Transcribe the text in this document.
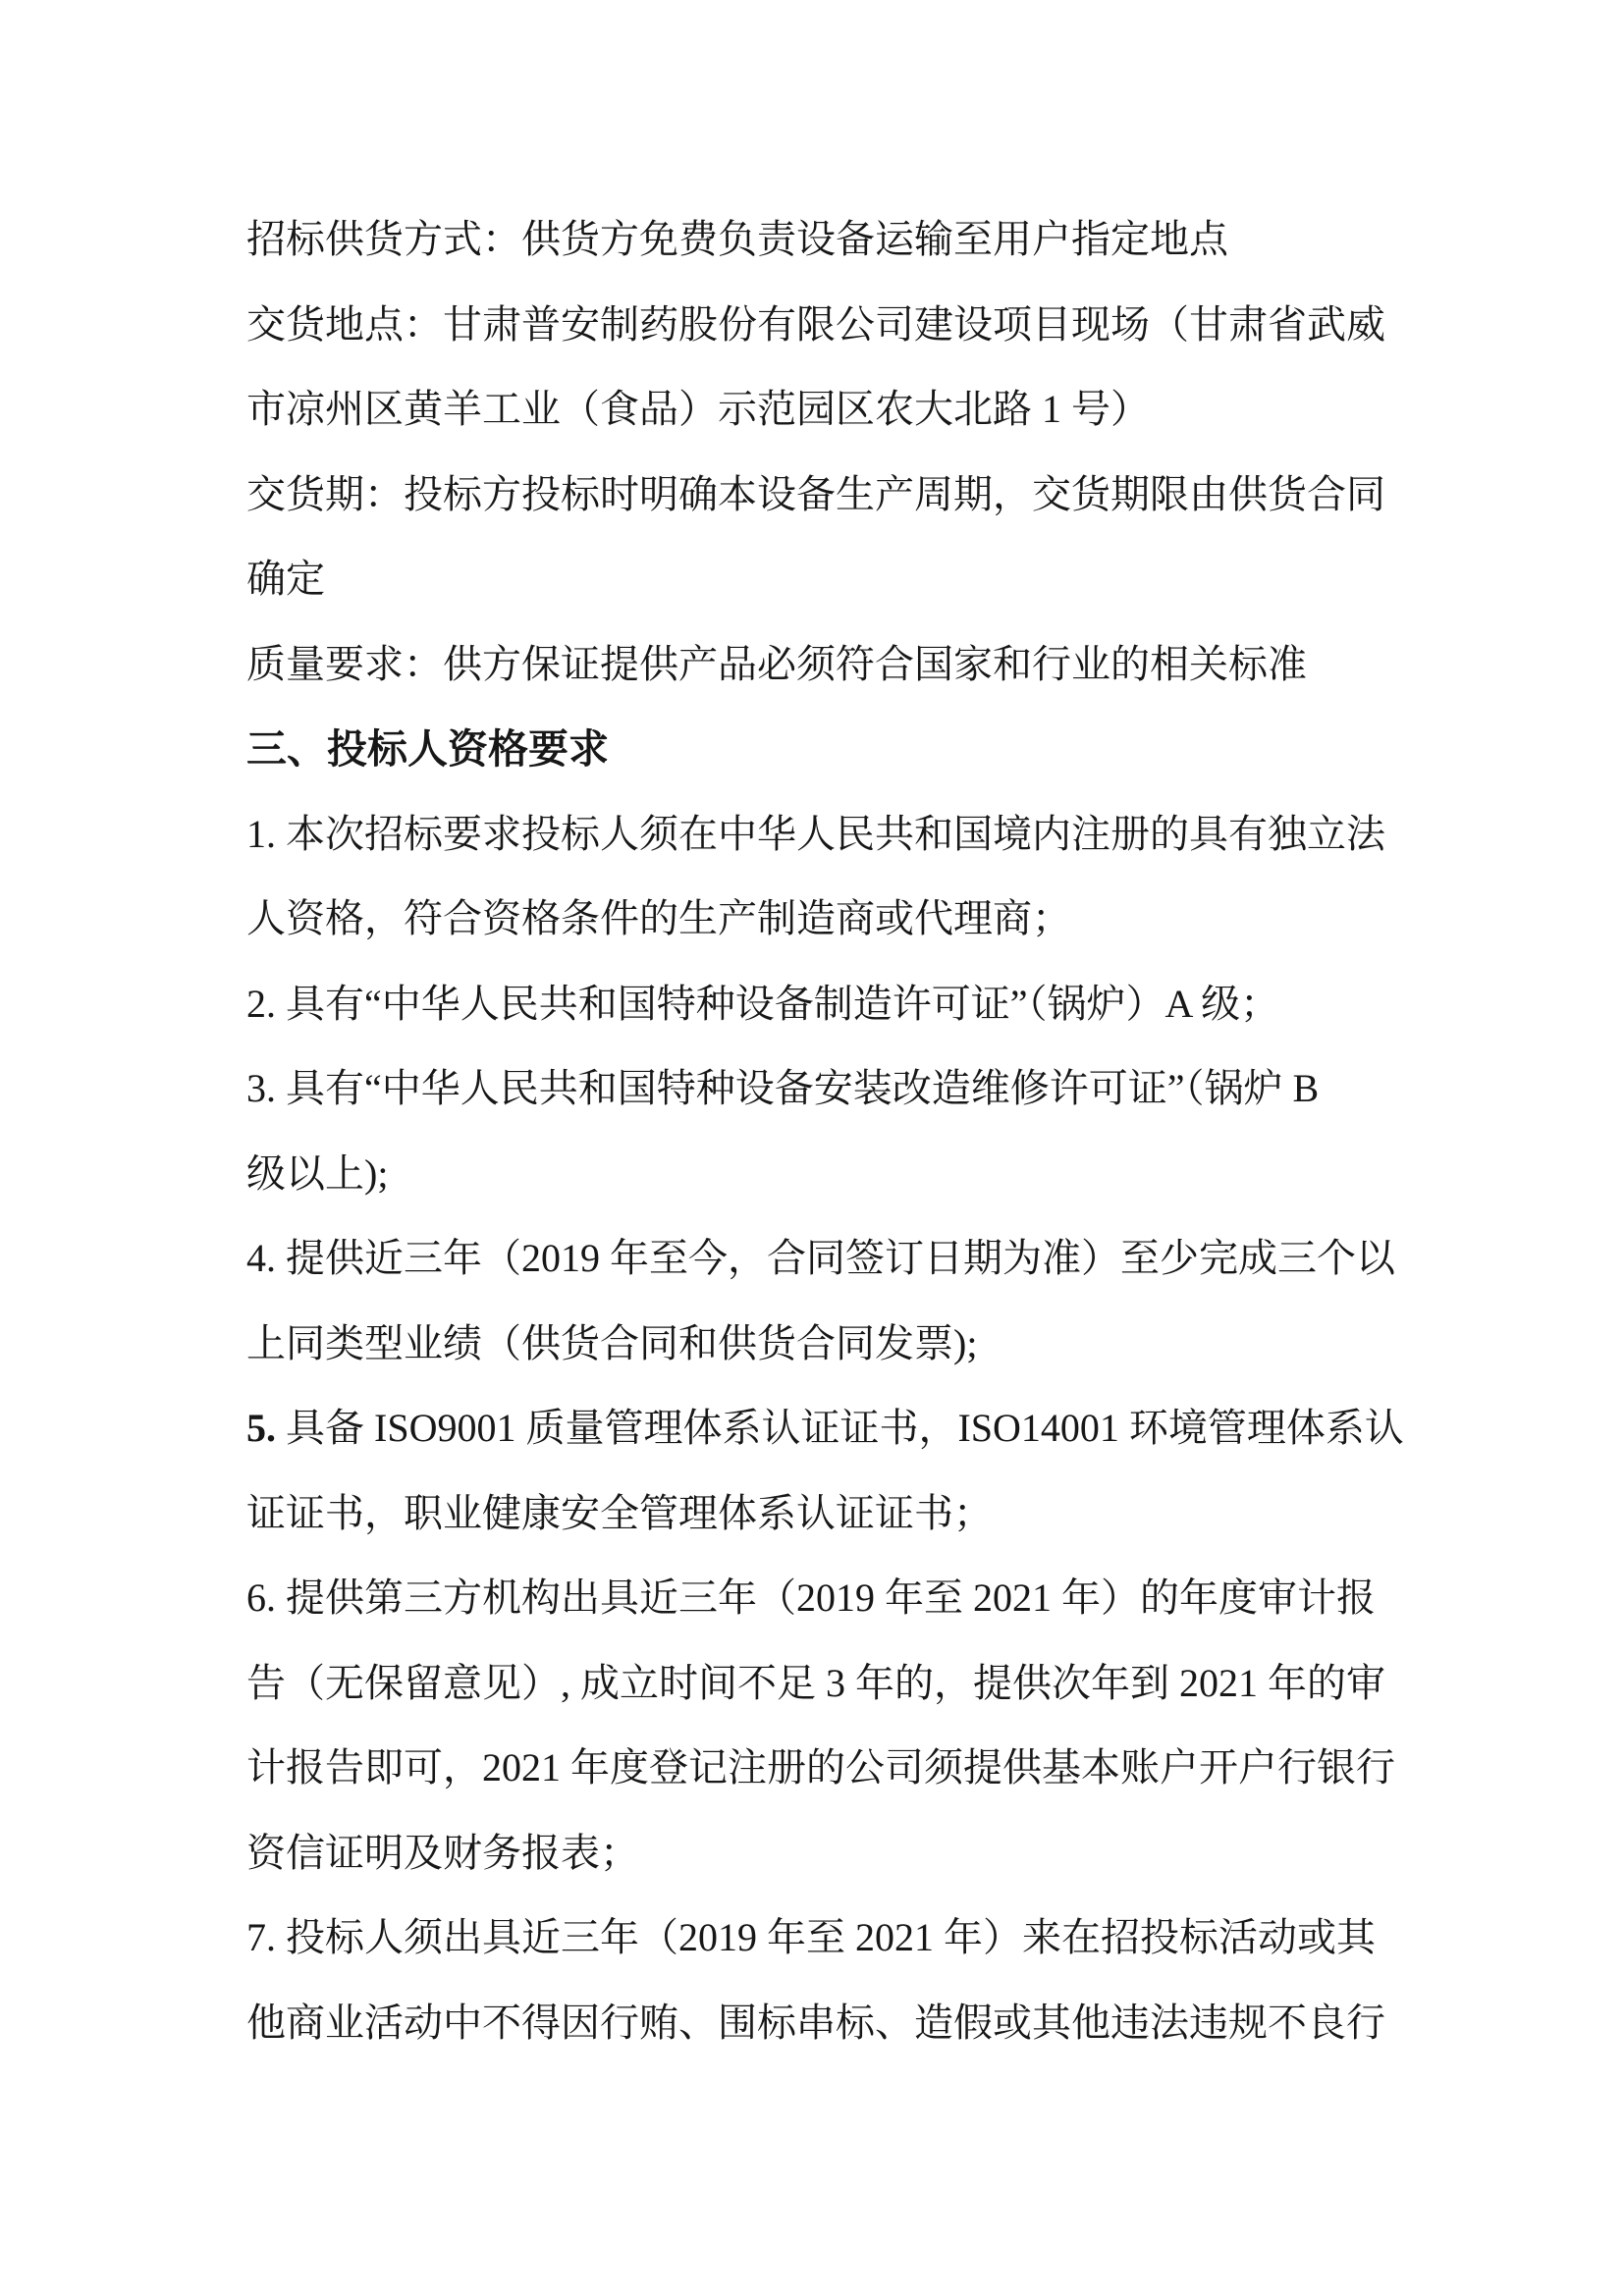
招标供货方式：供货方免费负责设备运输至用户指定地点
交货地点：甘肃普安制药股份有限公司建设项目现场（甘肃省武威
市凉州区黄羊工业（食品）示范园区农大北路 1 号）
交货期：投标方投标时明确本设备生产周期，交货期限由供货合同
确定
质量要求：供方保证提供产品必须符合国家和行业的相关标准
三、投标人资格要求
1. 本次招标要求投标人须在中华人民共和国境内注册的具有独立法
人资格，符合资格条件的生产制造商或代理商；
2. 具有“中华人民共和国特种设备制造许可证”（锅炉）A 级；
3. 具有“中华人民共和国特种设备安装改造维修许可证”（锅炉 B
级以上);
4. 提供近三年（2019 年至今，合同签订日期为准）至少完成三个以
上同类型业绩（供货合同和供货合同发票);
5. 具备 ISO9001 质量管理体系认证证书，ISO14001 环境管理体系认
证证书，职业健康安全管理体系认证证书；
6. 提供第三方机构出具近三年（2019 年至 2021 年）的年度审计报
告（无保留意见）, 成立时间不足 3 年的，提供次年到 2021 年的审
计报告即可，2021 年度登记注册的公司须提供基本账户开户行银行
资信证明及财务报表；
7. 投标人须出具近三年（2019 年至 2021 年）来在招投标活动或其
他商业活动中不得因行贿、围标串标、造假或其他违法违规不良行
